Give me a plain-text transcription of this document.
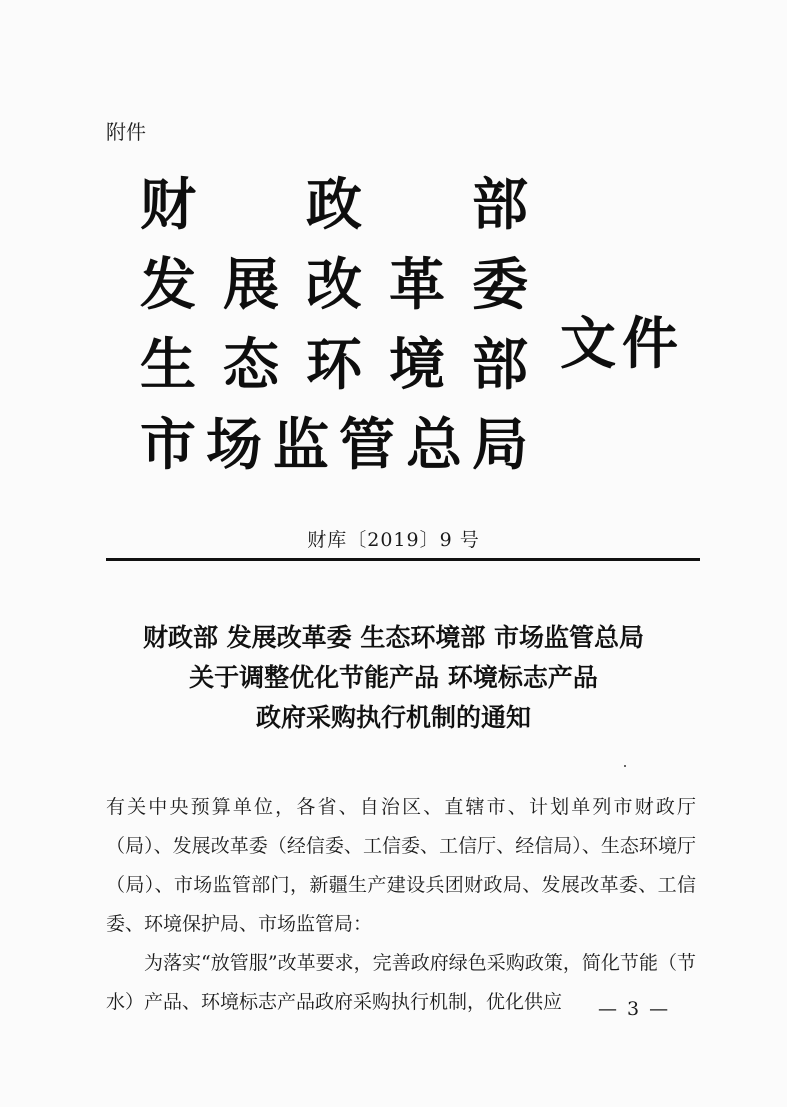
附件
财 政 部
发 展 改 革 委
生 态 环 境 部
市 场 监 管 总 局
文件
财库〔2019〕9 号
财政部 发展改革委 生态环境部 市场监管总局
关于调整优化节能产品 环境标志产品
政府采购执行机制的通知

有关中央预算单位，各省、自治区、直辖市、计划单列市财政厅（局）、发展改革委（经信委、工信委、工信厅、经信局）、生态环境厅（局）、市场监管部门，新疆生产建设兵团财政局、发展改革委、工信委、环境保护局、市场监管局：

为落实“放管服”改革要求，完善政府绿色采购政策，简化节能（节水）产品、环境标志产品政府采购执行机制，优化供应	— 3 —
